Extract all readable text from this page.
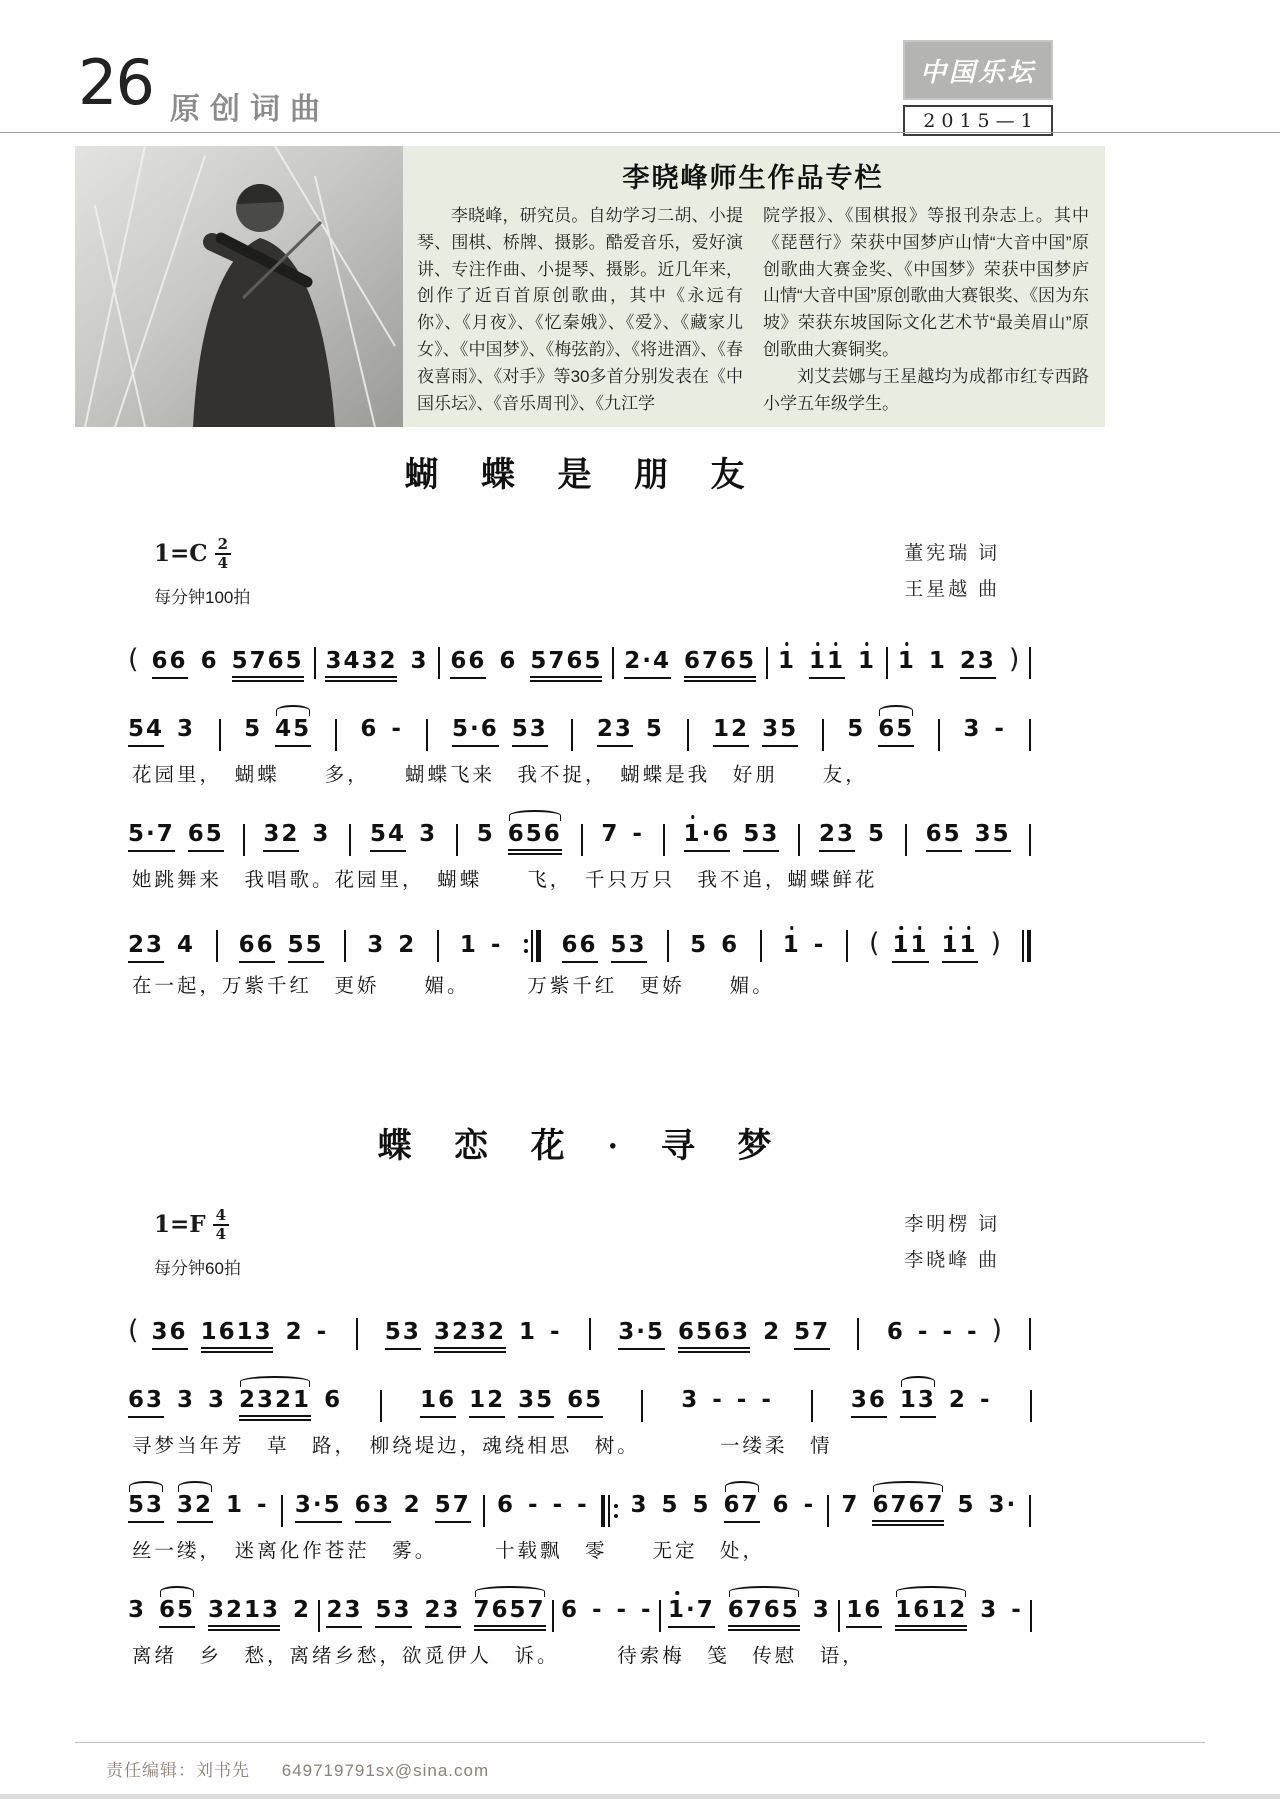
26 原创词曲
中国乐坛
2015—1
李晓峰师生作品专栏

李晓峰，研究员。自幼学习二胡、小提琴、围棋、桥牌、摄影。酷爱音乐，爱好演讲、专注作曲、小提琴、摄影。近几年来，创作了近百首原创歌曲，其中《永远有你》、《月夜》、《忆秦娥》、《爱》、《藏家儿女》、《中国梦》、《梅弦韵》、《将进酒》、《春夜喜雨》、《对手》等30多首分别发表在《中国乐坛》、《音乐周刊》、《九江学

院学报》、《围棋报》等报刊杂志上。其中《琵琶行》荣获中国梦庐山情“大音中国”原创歌曲大赛金奖、《中国梦》荣获中国梦庐山情“大音中国”原创歌曲大赛银奖、《因为东坡》荣获东坡国际文化艺术节“最美眉山”原创歌曲大赛铜奖。

刘艾芸娜与王星越均为成都市红专西路小学五年级学生。

蝴 蝶 是 朋 友
$1=C \frac{2}{4}$
每分钟100拍
董宪瑞 词
王星越 曲
( 66 6 5765 3432 3 66 6 5765 2·4 6765 1 11 1 1 1 23 )
54 3 5 45 6 - 5·6 53 23 5 12 35 5 65 3 -
花园里，　蝴蝶　　多，　　蝴蝶飞来　我不捉，　蝴蝶是我　好朋　　友，
5·7 65 32 3 54 3 5 656 7 - 1·6 53 23 5 65 35
她跳舞来　我唱歌。花园里，　蝴蝶　　飞，　千只万只　我不追，蝴蝶鲜花
23 4 66 55 3 2 1 -	66 53 5 6 1 - ( 11 11 )
在一起，万紫千红　更娇　　媚。　　　万紫千红　更娇　　媚。
蝶 恋 花 · 寻 梦
$1=F \frac{4}{4}$
每分钟60拍
李明楞 词
李晓峰 曲
( 36 1613 2 - 53 3232 1 - 3·5 6563 2 57 6 - - - )
63 3 3 2321 6	16 12 35 65	3 - - -	36 13 2 -
寻梦当年芳　草　路，　柳绕堤边，魂绕相思　树。　　　　一缕柔　情
53 32 1 - 3·5 63 2 57 6 - - - 3 5 5 67 6 - 7 6767 5 3·
丝一缕，　迷离化作苍茫　雾。　　　十载飘　零　　无定　处，
3 65 3213 2 23 53 23 7657 6 - - - 1·7 6765 3 16 1612 3 -
离绪　乡　愁，离绪乡愁，欲觅伊人　诉。　　　待索梅　笺　传慰　语，
责任编辑：刘书先 649719791sx@sina.com
